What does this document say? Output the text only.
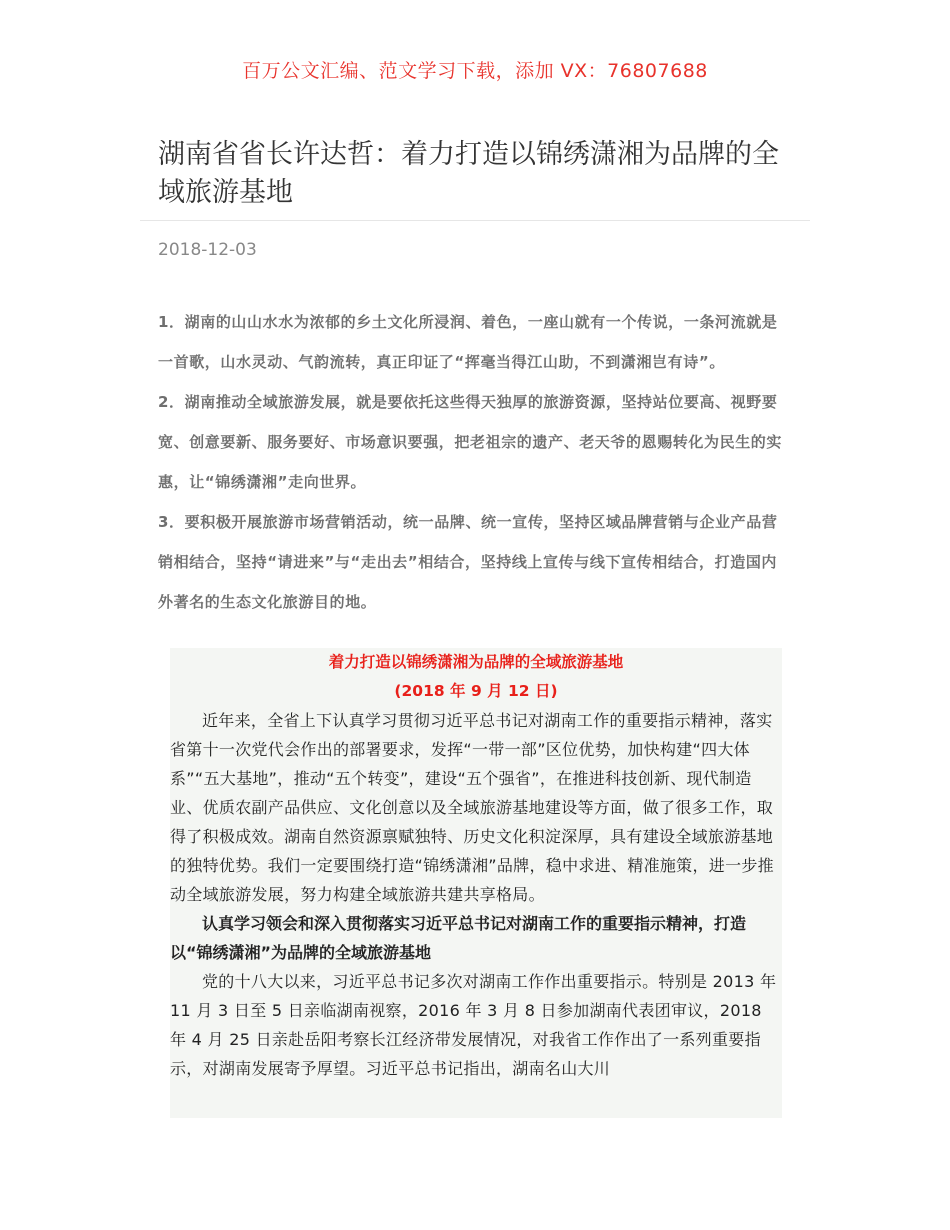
百万公文汇编、范文学习下载，添加 VX：76807688
湖南省省长许达哲：着力打造以锦绣潇湘为品牌的全域旅游基地
2018-12-03

1．湖南的山山水水为浓郁的乡土文化所浸润、着色，一座山就有一个传说，一条河流就是一首歌，山水灵动、气韵流转，真正印证了“挥毫当得江山助，不到潇湘岂有诗”。

2．湖南推动全域旅游发展，就是要依托这些得天独厚的旅游资源，坚持站位要高、视野要宽、创意要新、服务要好、市场意识要强，把老祖宗的遗产、老天爷的恩赐转化为民生的实惠，让“锦绣潇湘”走向世界。

3．要积极开展旅游市场营销活动，统一品牌、统一宣传，坚持区域品牌营销与企业产品营销相结合，坚持“请进来”与“走出去”相结合，坚持线上宣传与线下宣传相结合，打造国内外著名的生态文化旅游目的地。

着力打造以锦绣潇湘为品牌的全域旅游基地
(2018 年 9 月 12 日)

近年来，全省上下认真学习贯彻习近平总书记对湖南工作的重要指示精神，落实省第十一次党代会作出的部署要求，发挥“一带一部”区位优势，加快构建“四大体系”“五大基地”，推动“五个转变”，建设“五个强省”，在推进科技创新、现代制造业、优质农副产品供应、文化创意以及全域旅游基地建设等方面，做了很多工作，取得了积极成效。湖南自然资源禀赋独特、历史文化积淀深厚，具有建设全域旅游基地的独特优势。我们一定要围绕打造“锦绣潇湘”品牌，稳中求进、精准施策，进一步推动全域旅游发展，努力构建全域旅游共建共享格局。

认真学习领会和深入贯彻落实习近平总书记对湖南工作的重要指示精神，打造以“锦绣潇湘”为品牌的全域旅游基地

党的十八大以来，习近平总书记多次对湖南工作作出重要指示。特别是 2013 年 11 月 3 日至 5 日亲临湖南视察，2016 年 3 月 8 日参加湖南代表团审议，2018 年 4 月 25 日亲赴岳阳考察长江经济带发展情况，对我省工作作出了一系列重要指示，对湖南发展寄予厚望。习近平总书记指出，湖南名山大川
